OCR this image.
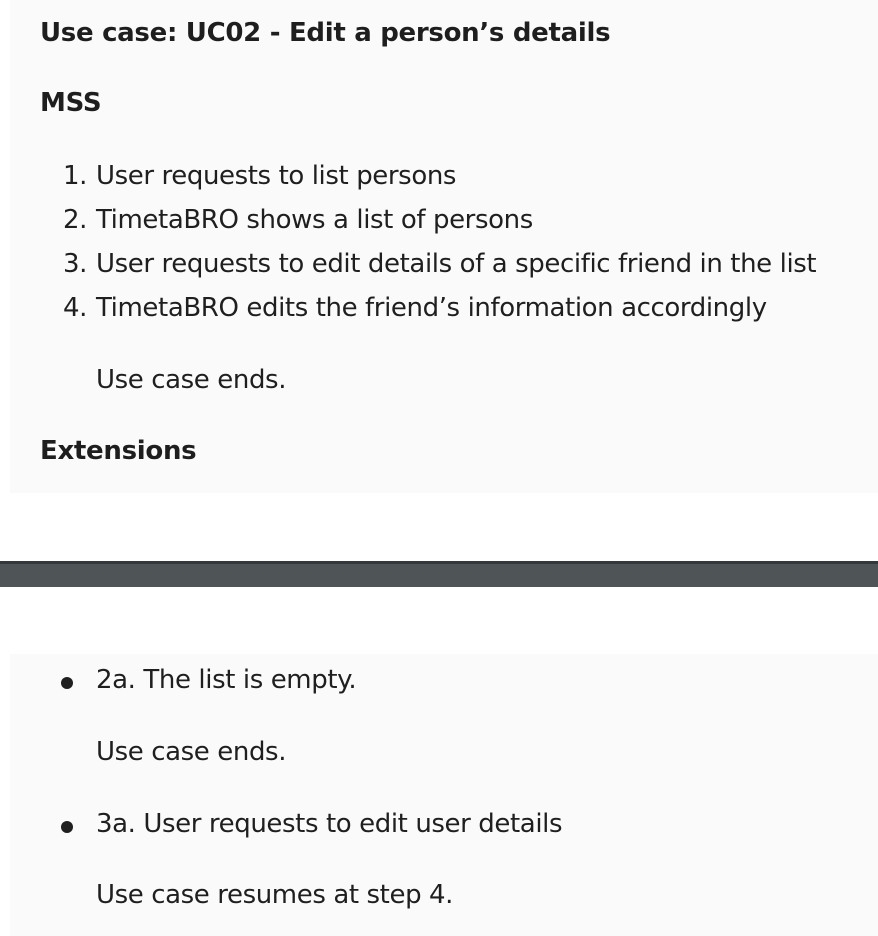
Use case: UC02 - Edit a person’s details
MSS
1. User requests to list persons
2. TimetaBRO shows a list of persons
3. User requests to edit details of a specific friend in the list
4. TimetaBRO edits the friend’s information accordingly
Use case ends.
Extensions
2a. The list is empty.
Use case ends.
3a. User requests to edit user details
Use case resumes at step 4.
